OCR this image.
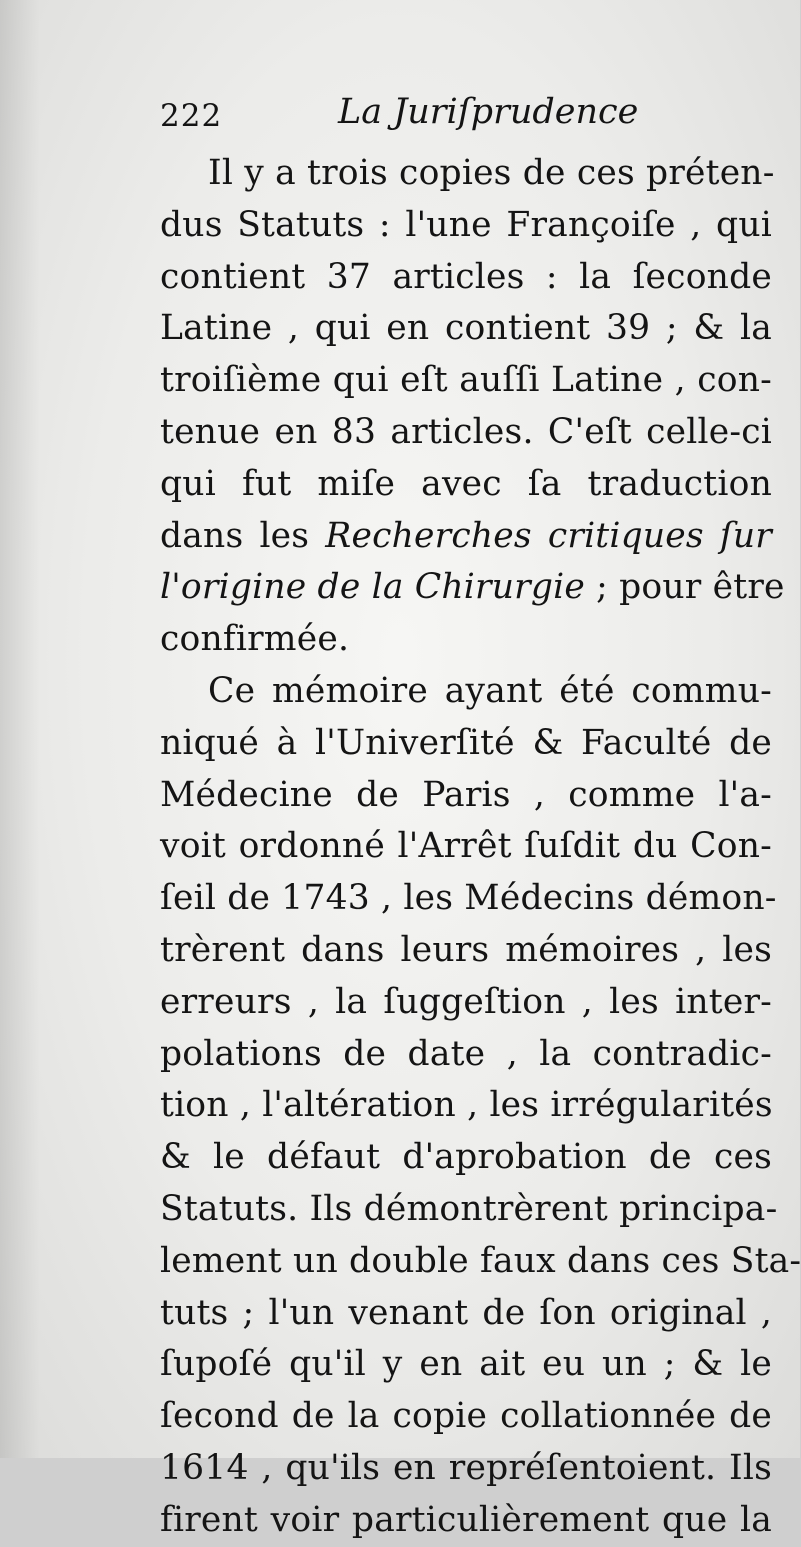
222	La Juriſprudence
Il y a trois copies de ces préten-
dus Statuts : l'une Françoiſe , qui
contient 37 articles : la ſeconde
Latine , qui en contient 39 ; & la
troiſième qui eſt auſſi Latine , con-
tenue en 83 articles. C'eſt celle-ci
qui fut miſe avec ſa traduction
dans les Recherches critiques ſur
l'origine de la Chirurgie ; pour être
confirmée.
Ce mémoire ayant été commu-
niqué à l'Univerſité & Faculté de
Médecine de Paris , comme l'a-
voit ordonné l'Arrêt ſuſdit du Con-
ſeil de 1743 , les Médecins démon-
trèrent dans leurs mémoires , les
erreurs , la ſuggeſtion , les inter-
polations de date , la contradic-
tion , l'altération , les irrégularités
& le défaut d'aprobation de ces
Statuts. Ils démontrèrent principa-
lement un double faux dans ces Sta-
tuts ; l'un venant de ſon original ,
ſupoſé qu'il y en ait eu un ; & le
ſecond de la copie collationnée de
1614 , qu'ils en repréſentoient. Ils
firent voir particulièrement que la
